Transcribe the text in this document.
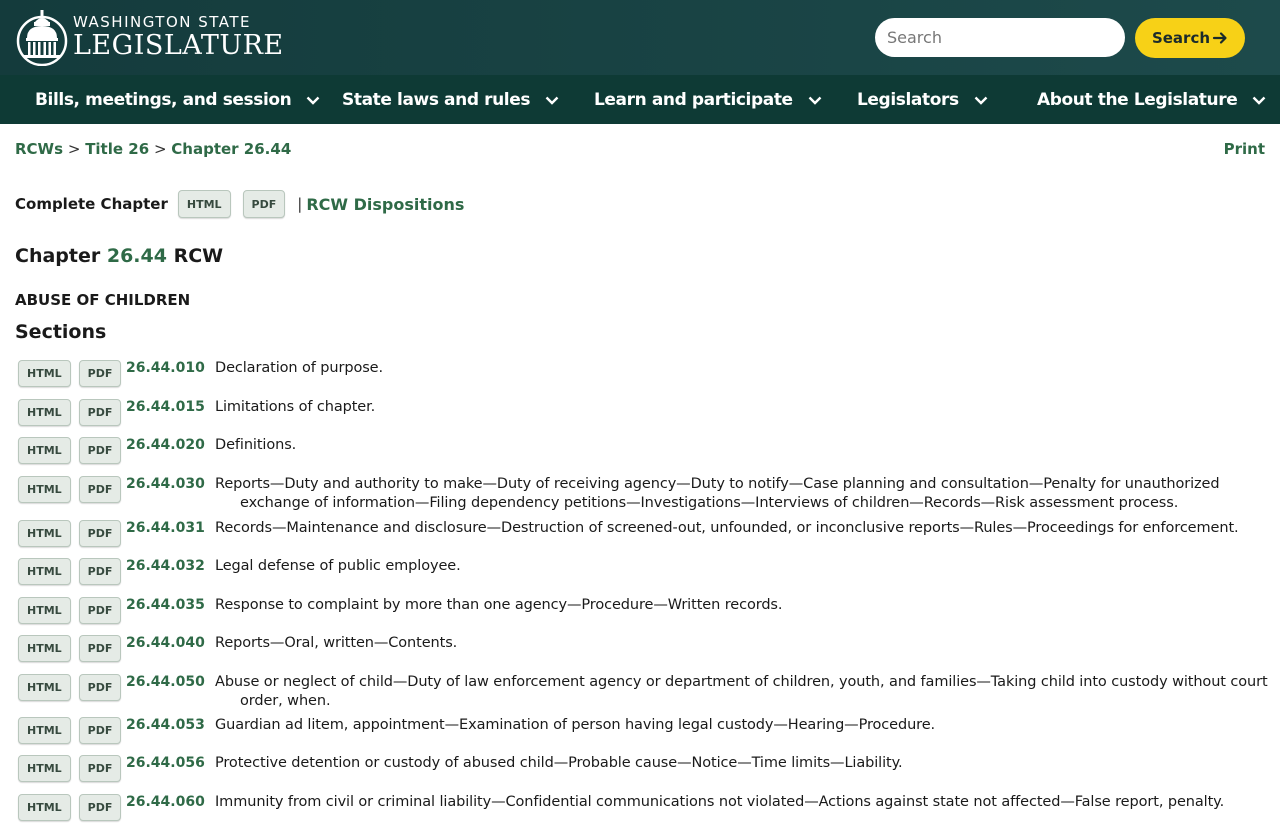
WASHINGTON STATE
LEGISLATURE
Search	Search
Bills, meetings, and session	State laws and rules	Learn and participate	Legislators	About the Legislature
RCWs > Title 26 > Chapter 26.44	Print
Complete Chapter	HTML	PDF	| RCW Dispositions
Chapter 26.44 RCW
ABUSE OF CHILDREN
Sections
HTML	PDF 26.44.010 Declaration of purpose.
HTML	PDF 26.44.015 Limitations of chapter.
HTML	PDF 26.44.020 Definitions.
HTML	PDF 26.44.030 Reports—Duty and authority to make—Duty of receiving agency—Duty to notify—Case planning and consultation—Penalty for unauthorized exchange of information—Filing dependency petitions—Investigations—Interviews of children—Records—Risk assessment process.
HTML	PDF 26.44.031 Records—Maintenance and disclosure—Destruction of screened-out, unfounded, or inconclusive reports—Rules—Proceedings for enforcement.
HTML	PDF 26.44.032 Legal defense of public employee.
HTML	PDF 26.44.035 Response to complaint by more than one agency—Procedure—Written records.
HTML	PDF 26.44.040 Reports—Oral, written—Contents.
HTML	PDF 26.44.050 Abuse or neglect of child—Duty of law enforcement agency or department of children, youth, and families—Taking child into custody without court order, when.
HTML	PDF 26.44.053 Guardian ad litem, appointment—Examination of person having legal custody—Hearing—Procedure.
HTML	PDF 26.44.056 Protective detention or custody of abused child—Probable cause—Notice—Time limits—Liability.
HTML	PDF 26.44.060 Immunity from civil or criminal liability—Confidential communications not violated—Actions against state not affected—False report, penalty.
